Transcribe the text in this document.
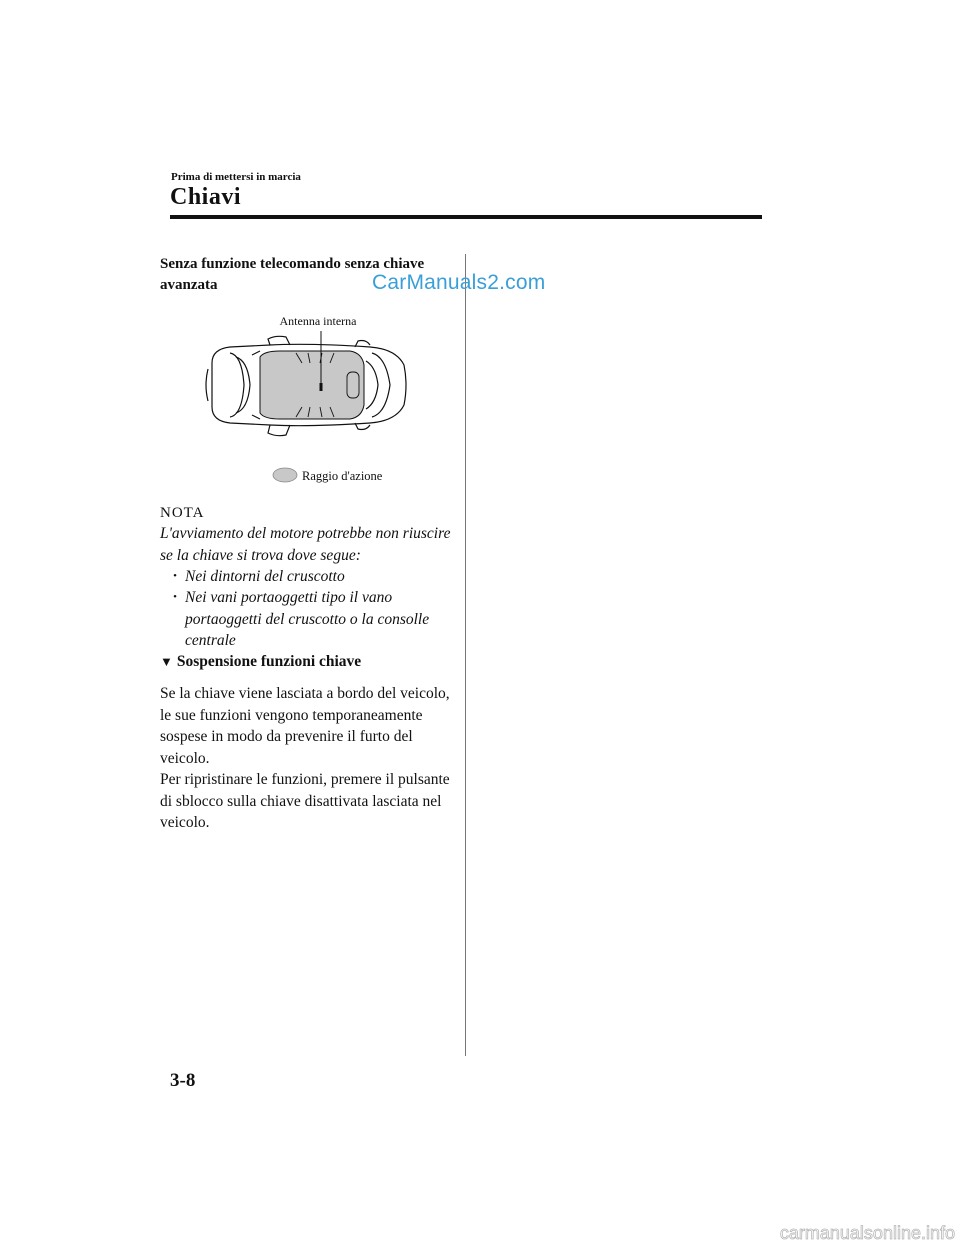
Prima di mettersi in marcia
Chiavi
Senza funzione telecomando senza chiave avanzata	CarManuals2.com
Antenna interna
Raggio d'azione
NOTA
L'avviamento del motore potrebbe non riuscire se la chiave si trova dove segue:
• Nei dintorni del cruscotto
• Nei vani portaoggetti tipo il vano portaoggetti del cruscotto o la consolle centrale
▼ Sospensione funzioni chiave
Se la chiave viene lasciata a bordo del veicolo, le sue funzioni vengono temporaneamente sospese in modo da prevenire il furto del veicolo.
Per ripristinare le funzioni, premere il pulsante di sblocco sulla chiave disattivata lasciata nel veicolo.
3-8
carmanualsonline.info
